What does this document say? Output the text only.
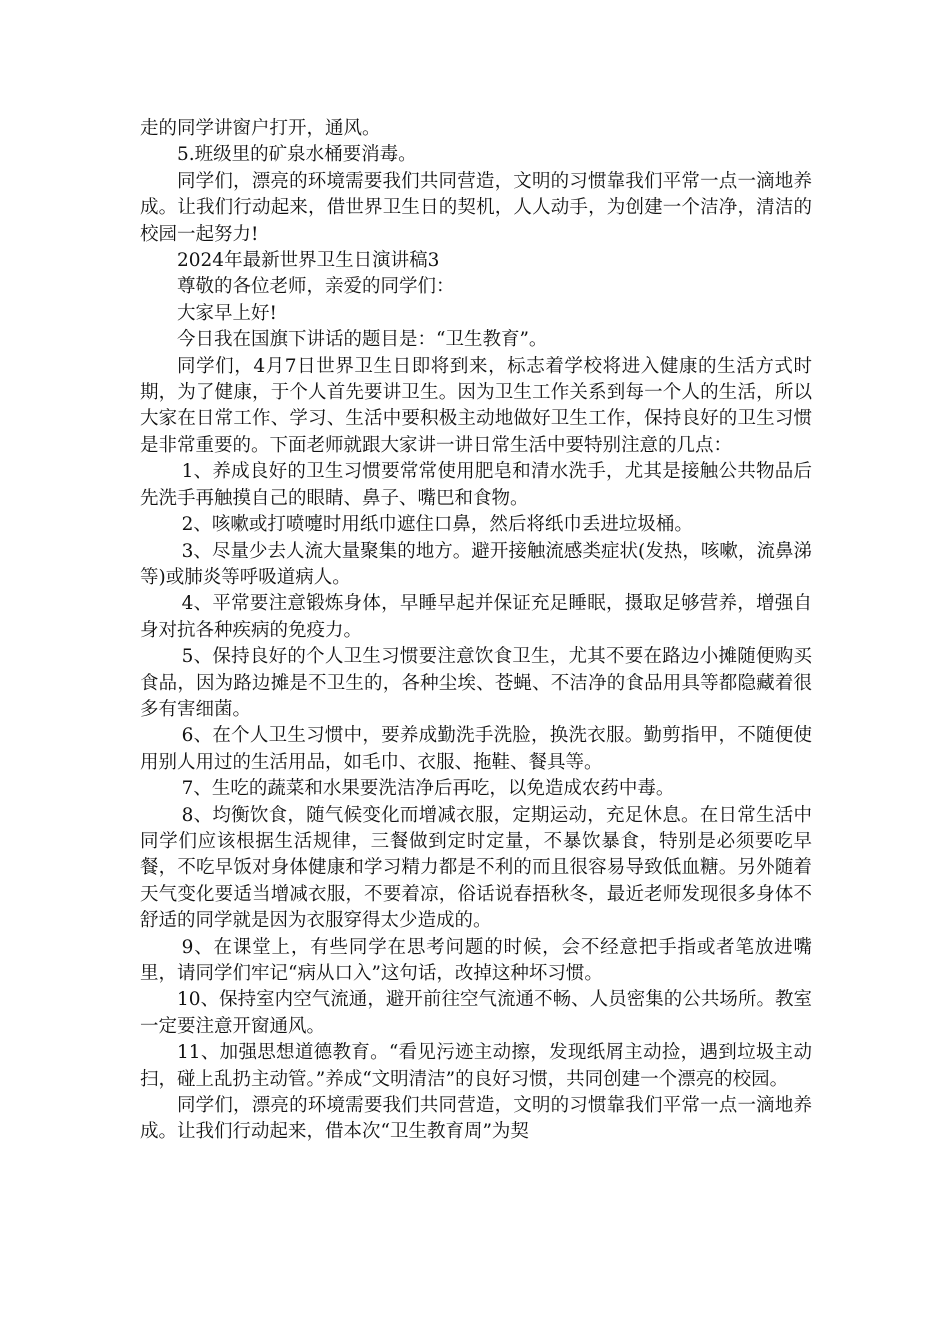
走的同学讲窗户打开，通风。

5.班级里的矿泉水桶要消毒。

同学们，漂亮的环境需要我们共同营造，文明的习惯靠我们平常一点一滴地养成。让我们行动起来，借世界卫生日的契机，人人动手，为创建一个洁净，清洁的校园一起努力!

2024年最新世界卫生日演讲稿3

尊敬的各位老师，亲爱的同学们：

大家早上好!

今日我在国旗下讲话的题目是：“卫生教育”。

同学们，4月7日世界卫生日即将到来，标志着学校将进入健康的生活方式时期，为了健康，于个人首先要讲卫生。因为卫生工作关系到每一个人的生活，所以大家在日常工作、学习、生活中要积极主动地做好卫生工作，保持良好的卫生习惯是非常重要的。下面老师就跟大家讲一讲日常生活中要特别注意的几点：

1、养成良好的卫生习惯要常常使用肥皂和清水洗手，尤其是接触公共物品后先洗手再触摸自己的眼睛、鼻子、嘴巴和食物。

2、咳嗽或打喷嚏时用纸巾遮住口鼻，然后将纸巾丢进垃圾桶。

3、尽量少去人流大量聚集的地方。避开接触流感类症状(发热，咳嗽，流鼻涕等)或肺炎等呼吸道病人。

4、平常要注意锻炼身体，早睡早起并保证充足睡眠，摄取足够营养，增强自身对抗各种疾病的免疫力。

5、保持良好的个人卫生习惯要注意饮食卫生，尤其不要在路边小摊随便购买食品，因为路边摊是不卫生的，各种尘埃、苍蝇、不洁净的食品用具等都隐藏着很多有害细菌。

6、在个人卫生习惯中，要养成勤洗手洗脸，换洗衣服。勤剪指甲，不随便使用别人用过的生活用品，如毛巾、衣服、拖鞋、餐具等。

7、生吃的蔬菜和水果要洗洁净后再吃，以免造成农药中毒。

8、均衡饮食，随气候变化而增减衣服，定期运动，充足休息。在日常生活中同学们应该根据生活规律，三餐做到定时定量，不暴饮暴食，特别是必须要吃早餐，不吃早饭对身体健康和学习精力都是不利的而且很容易导致低血糖。另外随着天气变化要适当增减衣服，不要着凉，俗话说春捂秋冬，最近老师发现很多身体不舒适的同学就是因为衣服穿得太少造成的。

9、在课堂上，有些同学在思考问题的时候，会不经意把手指或者笔放进嘴里，请同学们牢记“病从口入”这句话，改掉这种坏习惯。

10、保持室内空气流通，避开前往空气流通不畅、人员密集的公共场所。教室一定要注意开窗通风。

11、加强思想道德教育。“看见污迹主动擦，发现纸屑主动捡，遇到垃圾主动扫，碰上乱扔主动管。”养成“文明清洁”的良好习惯，共同创建一个漂亮的校园。

同学们，漂亮的环境需要我们共同营造，文明的习惯靠我们平常一点一滴地养成。让我们行动起来，借本次“卫生教育周”为契
